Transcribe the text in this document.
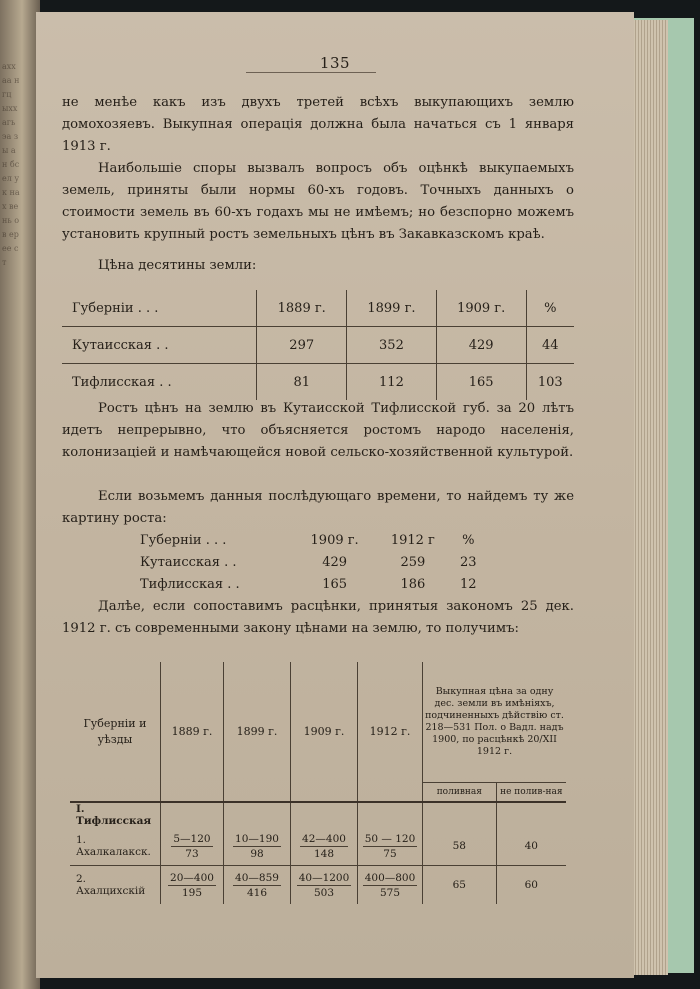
ахх аа нгц ыхх агь эа зы ан бс ел ук нах ве нь ов ер ее ст
135

не менѣе какъ изъ двухъ третей всѣхъ выкупающихъ землю домохозяевъ. Выкупная операція должна была начаться съ 1 января 1913 г.

Наибольшіе споры вызвалъ вопросъ объ оцѣнкѣ выкупаемыхъ земель, приняты были нормы 60-хъ годовъ. Точныхъ данныхъ о стоимости земель въ 60-хъ годахъ мы не имѣемъ; но безспорно можемъ установить крупный ростъ земельныхъ цѣнъ въ Закавказскомъ краѣ.

Цѣна десятины земли:
Губерніи . . .	1889 г.	1899 г.	1909 г.	%
Кутаисская . .	297	352	429	44
Тифлисская . .	81	112	165	103

Ростъ цѣнъ на землю въ Кутаисской Тифлисской губ. за 20 лѣтъ идетъ непрерывно, что объясняется ростомъ народо населенія, колонизаціей и намѣчающейся новой сельско-хозяйственной культурой.

Если возьмемъ данныя послѣдующаго времени, то найдемъ ту же картину роста:

Губерніи . . .	1909 г.	1912 г	%
Кутаисская . .	429	259	23
Тифлисская . .	165	186	12

Далѣе, если сопоставимъ расцѣнки, принятыя закономъ 25 дек. 1912 г. съ современными закону цѣнами на землю, то получимъ:

Губерніи и уѣзды	1889 г.	1899 г.	1909 г.	1912 г.	Выкупная цѣна за одну дес. земли въ имѣніяхъ, подчиненныхъ дѣйствію ст. 218—531 Пол. о Вадл. надъ 1900, по расцѣнкѣ 20/XII 1912 г.	
					поливная	не полив-ная
I. Тифлисская						
1. Ахалкалакск.	$\frac{5—120}{73}$	$\frac{10—190}{98}$	$\frac{42—400}{148}$	$\frac{50 — 120}{75}$	58	40
2. Ахалцихскій	$\frac{20—400}{195}$	$\frac{40—859}{416}$	$\frac{40—1200}{503}$	$\frac{400—800}{575}$	65	60
